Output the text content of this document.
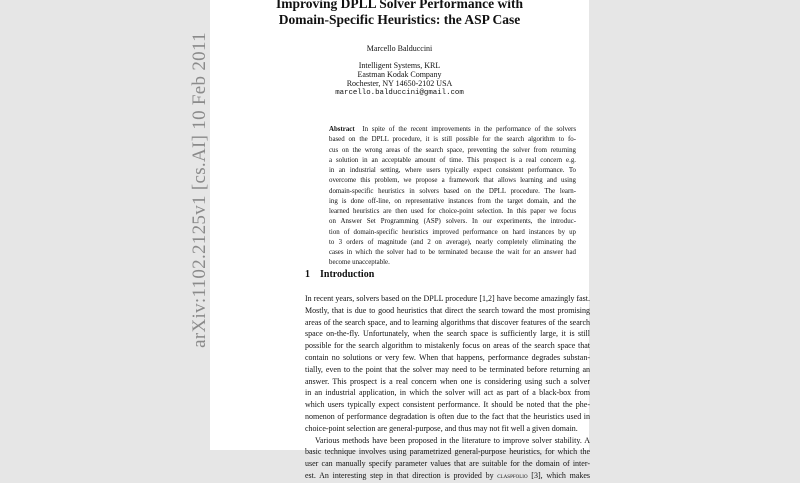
arXiv:1102.2125v1 [cs.AI] 10 Feb 2011
Improving DPLL Solver Performance with
Domain-Specific Heuristics: the ASP Case
Marcello Balduccini
Intelligent Systems, KRL
Eastman Kodak Company
Rochester, NY 14650-2102 USA
marcello.balduccini@gmail.com
Abstract In spite of the recent improvements in the performance of the solvers
based on the DPLL procedure, it is still possible for the search algorithm to fo-
cus on the wrong areas of the search space, preventing the solver from returning
a solution in an acceptable amount of time. This prospect is a real concern e.g.
in an industrial setting, where users typically expect consistent performance. To
overcome this problem, we propose a framework that allows learning and using
domain-specific heuristics in solvers based on the DPLL procedure. The learn-
ing is done off-line, on representative instances from the target domain, and the
learned heuristics are then used for choice-point selection. In this paper we focus
on Answer Set Programming (ASP) solvers. In our experiments, the introduc-
tion of domain-specific heuristics improved performance on hard instances by up
to 3 orders of magnitude (and 2 on average), nearly completely eliminating the
cases in which the solver had to be terminated because the wait for an answer had
become unacceptable.
1 Introduction
In recent years, solvers based on the DPLL procedure [1,2] have become amazingly fast.
Mostly, that is due to good heuristics that direct the search toward the most promising
areas of the search space, and to learning algorithms that discover features of the search
space on-the-fly. Unfortunately, when the search space is sufficiently large, it is still
possible for the search algorithm to mistakenly focus on areas of the search space that
contain no solutions or very few. When that happens, performance degrades substan-
tially, even to the point that the solver may need to be terminated before returning an
answer. This prospect is a real concern when one is considering using such a solver
in an industrial application, in which the solver will act as part of a black-box from
which users typically expect consistent performance. It should be noted that the phe-
nomenon of performance degradation is often due to the fact that the heuristics used in
choice-point selection are general-purpose, and thus may not fit well a given domain.
Various methods have been proposed in the literature to improve solver stability. A
basic technique involves using parametrized general-purpose heuristics, for which the
user can manually specify parameter values that are suitable for the domain of inter-
est. An interesting step in that direction is provided by claspfolio [3], which makes
